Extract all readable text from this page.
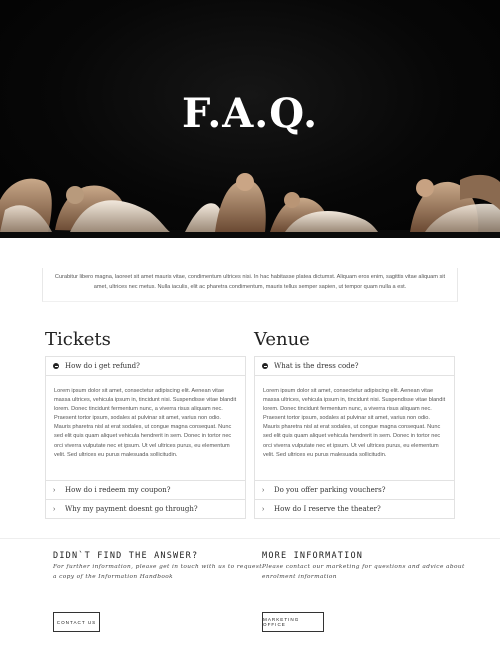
F.A.Q.

Curabitur libero magna, laoreet sit amet mauris vitae, condimentum ultrices nisi. In hac habitasse platea dictumst. Aliquam eros enim, sagittis vitae aliquam sit amet, ultrices nec metus. Nulla iaculis, elit ac pharetra condimentum, mauris tellus semper sapien, ut tempor quam nulla a est.

Tickets
How do i get refund?

Lorem ipsum dolor sit amet, consectetur adipiscing elit. Aenean vitae massa ultrices, vehicula ipsum in, tincidunt nisi. Suspendisse vitae blandit lorem. Donec tincidunt fermentum nunc, a viverra risus aliquam nec. Praesent tortor ipsum, sodales at pulvinar sit amet, varius non odio. Mauris pharetra nisl at erat sodales, ut congue magna consequat. Nunc sed elit quis quam aliquet vehicula hendrerit in sem. Donec in tortor nec orci viverra vulputate nec et ipsum. Ut vel ultrices purus, eu elementum velit. Sed ultrices eu purus malesuada sollicitudin.

›	How do i redeem my coupon?
›	Why my payment doesnt go through?
Venue
What is the dress code?

Lorem ipsum dolor sit amet, consectetur adipiscing elit. Aenean vitae massa ultrices, vehicula ipsum in, tincidunt nisi. Suspendisse vitae blandit lorem. Donec tincidunt fermentum nunc, a viverra risus aliquam nec. Praesent tortor ipsum, sodales at pulvinar sit amet, varius non odio. Mauris pharetra nisl at erat sodales, ut congue magna consequat. Nunc sed elit quis quam aliquet vehicula hendrerit in sem. Donec in tortor nec orci viverra vulputate nec et ipsum. Ut vel ultrices purus, eu elementum velit. Sed ultrices eu purus malesuada sollicitudin.

›	Do you offer parking vouchers?
›	How do I reserve the theater?
DIDN`T FIND THE ANSWER?

For further information, please get in touch with us to request a copy of the Information Handbook

CONTACT US
MORE INFORMATION

Please contact our marketing for questions and advice about enrolment information

MARKETING OFFICE
